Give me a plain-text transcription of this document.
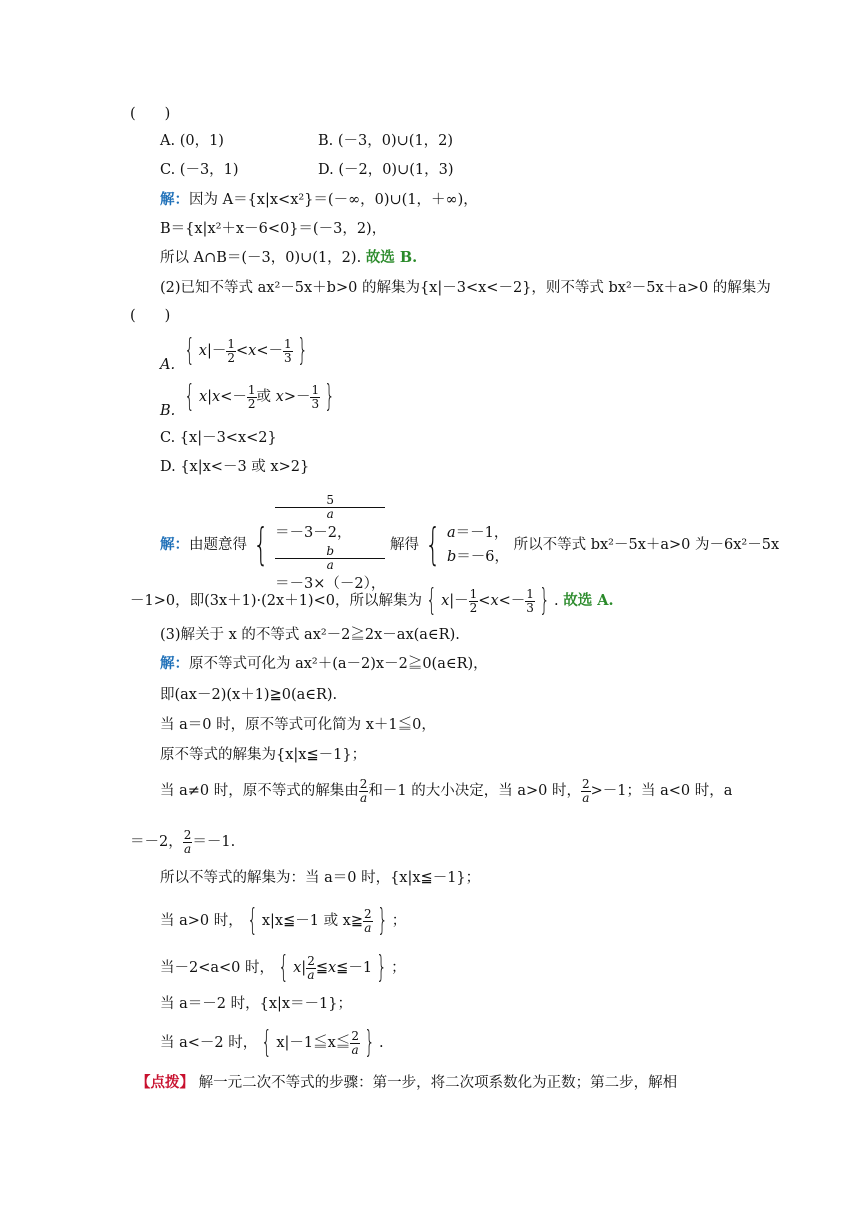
(　　)
A. (0，1)	B. (－3，0)∪(1，2)
C. (－3，1)	D. (－2，0)∪(1，3)
解：因为 A＝{x|x<x²}＝(－∞，0)∪(1，＋∞)，
B＝{x|x²＋x－6<0}＝(－3，2)，
所以 A∩B＝(－3，0)∪(1，2). 故选 B.
(2)已知不等式 ax²－5x＋b>0 的解集为{x|－3<x<－2}，则不等式 bx²－5x＋a>0 的解集为
(　　)
A. { $x|- \frac{1}{2} <x<- \frac{1}{3}$ }
B. { $x|x<- \frac{1}{2}$ 或 $x>- \frac{1}{3}$ }
C. {x|－3<x<2}
D. {x|x<－3 或 x>2}
解：由题意得 {
5
a
＝－3－2，
b
a
＝－3×（－2），
解得 { a＝－1，
b＝－6，
所以不等式 bx²－5x＋a>0 为－6x²－5x
－1>0，即(3x＋1)·(2x＋1)<0，所以解集为 { $x|- \frac{1}{2} <x<- \frac{1}{3}$ } . 故选 A.
(3)解关于 x 的不等式 ax²－2≧2x－ax(a∈R).
解：原不等式可化为 ax²＋(a－2)x－2≧0(a∈R)，
即(ax－2)(x＋1)≧0(a∈R).
当 a＝0 时，原不等式可化简为 x＋1≦0，
原不等式的解集为{x|x≦－1}；
当 a≠0 时，原不等式的解集由 $\frac{2}{a}$ 和－1 的大小决定，当 a>0 时， $\frac{2}{a} >-1$；当 a<0 时，a
＝－2， $\frac{2}{a} =-1$.
所以不等式的解集为：当 a＝0 时，{x|x≦－1}；
当 a>0 时， { x|x≦－1 或 x≧ $\frac{2}{a}$ } ；
当－2<a<0 时， { $x| \frac{2}{a}$ ≦x≦－1 } ；
当 a＝－2 时，{x|x＝－1}；
当 a<－2 时， { x|－1≦x≦ $\frac{2}{a}$ } .
【点拨】 解一元二次不等式的步骤：第一步，将二次项系数化为正数；第二步，解相
